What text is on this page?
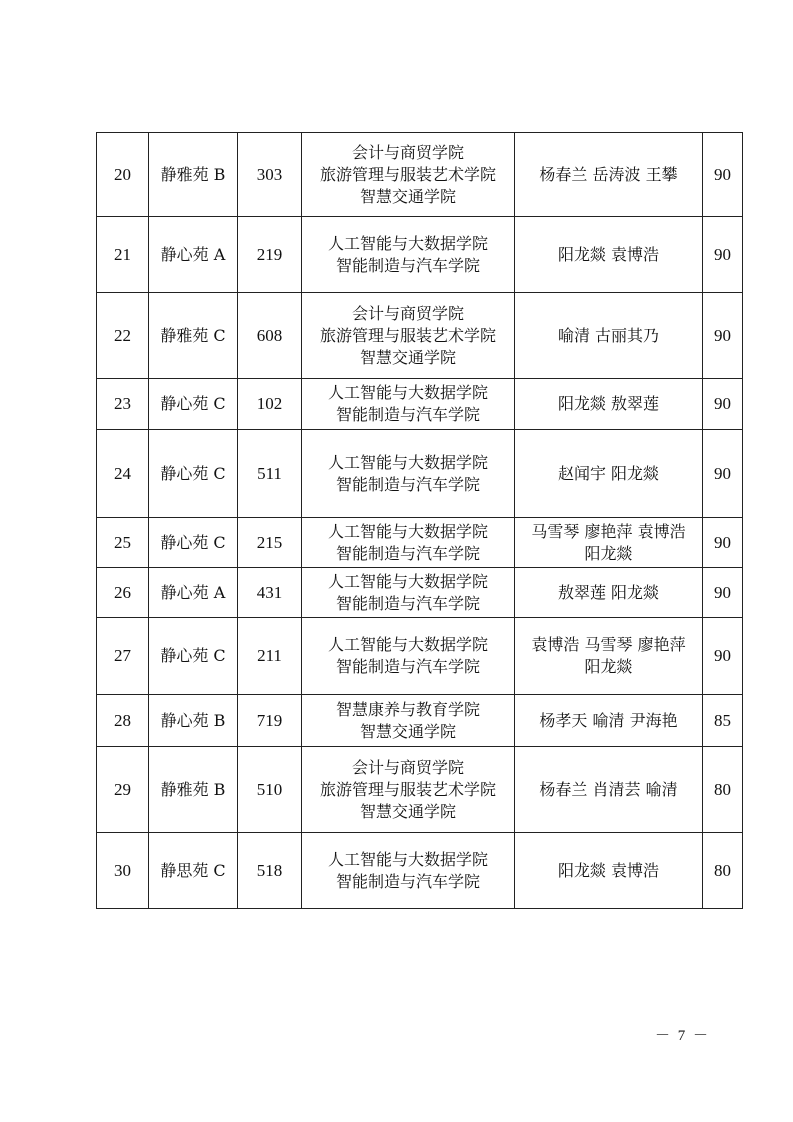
20	静雅苑 B	303	会计与商贸学院
旅游管理与服装艺术学院
智慧交通学院	杨春兰 岳涛波 王攀	90
21	静心苑 A	219	人工智能与大数据学院
智能制造与汽车学院	阳龙燚 袁博浩	90
22	静雅苑 C	608	会计与商贸学院
旅游管理与服装艺术学院
智慧交通学院	喻清 古丽其乃	90
23	静心苑 C	102	人工智能与大数据学院
智能制造与汽车学院	阳龙燚 敖翠莲	90
24	静心苑 C	511	人工智能与大数据学院
智能制造与汽车学院	赵闻宇 阳龙燚	90
25	静心苑 C	215	人工智能与大数据学院
智能制造与汽车学院	马雪琴 廖艳萍 袁博浩
阳龙燚	90
26	静心苑 A	431	人工智能与大数据学院
智能制造与汽车学院	敖翠莲 阳龙燚	90
27	静心苑 C	211	人工智能与大数据学院
智能制造与汽车学院	袁博浩 马雪琴 廖艳萍
阳龙燚	90
28	静心苑 B	719	智慧康养与教育学院
智慧交通学院	杨孝天 喻清 尹海艳	85
29	静雅苑 B	510	会计与商贸学院
旅游管理与服装艺术学院
智慧交通学院	杨春兰 肖清芸 喻清	80
30	静思苑 C	518	人工智能与大数据学院
智能制造与汽车学院	阳龙燚 袁博浩	80
－ 7 －
